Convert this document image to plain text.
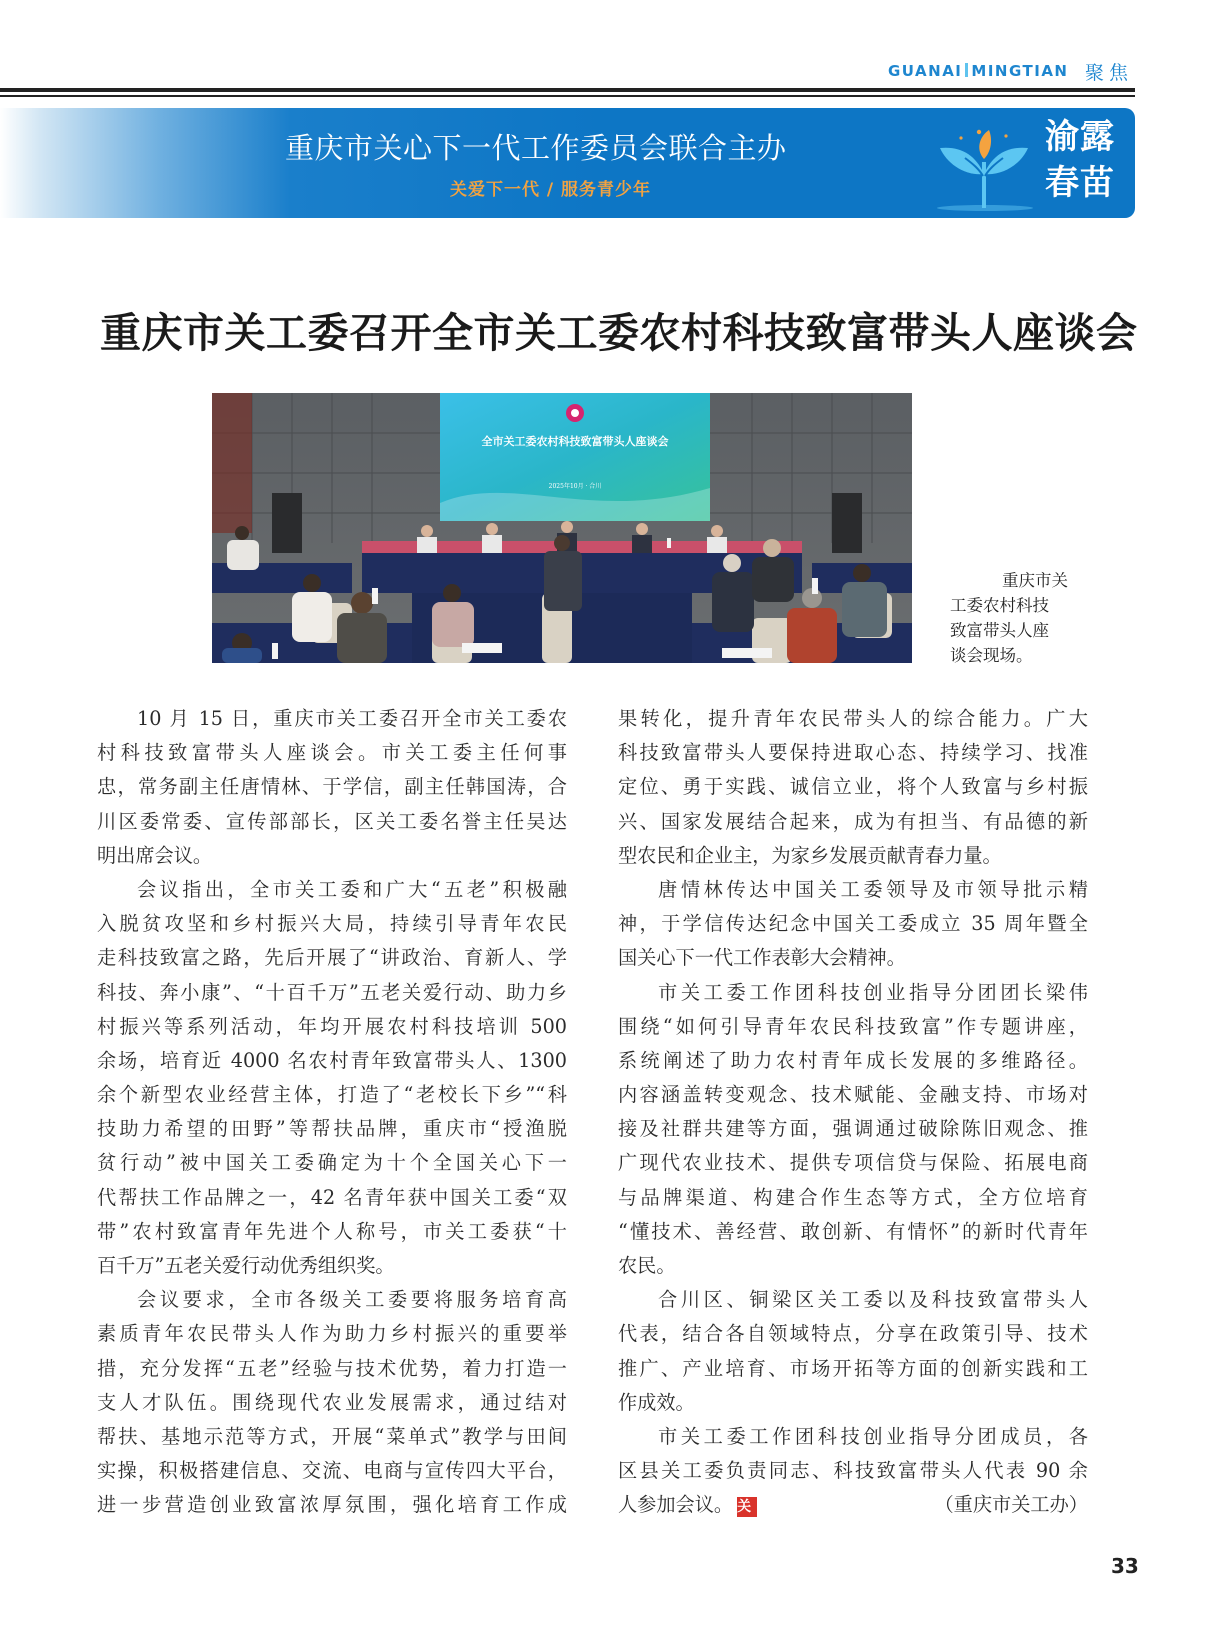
GUANAI MINGTIAN 聚焦
重庆市关心下一代工作委员会联合主办
关爱下一代 / 服务青少年
渝露
春苗
重庆市关工委召开全市关工委农村科技致富带头人座谈会
全市关工委农村科技致富带头人座谈会
2025年10月 · 合川
重庆市关
工委农村科技
致富带头人座
谈会现场。
10 月 15 日，重庆市关工委召开全市关工委农
村科技致富带头人座谈会。市关工委主任何事
忠，常务副主任唐情林、于学信，副主任韩国涛，合
川区委常委、宣传部部长，区关工委名誉主任吴达
明出席会议。
会议指出，全市关工委和广大“五老”积极融
入脱贫攻坚和乡村振兴大局，持续引导青年农民
走科技致富之路，先后开展了“讲政治、育新人、学
科技、奔小康”、“十百千万”五老关爱行动、助力乡
村振兴等系列活动，年均开展农村科技培训 500
余场，培育近 4000 名农村青年致富带头人、1300
余个新型农业经营主体，打造了“老校长下乡”“科
技助力希望的田野”等帮扶品牌，重庆市“授渔脱
贫行动”被中国关工委确定为十个全国关心下一
代帮扶工作品牌之一，42 名青年获中国关工委“双
带”农村致富青年先进个人称号，市关工委获“十
百千万”五老关爱行动优秀组织奖。
会议要求，全市各级关工委要将服务培育高
素质青年农民带头人作为助力乡村振兴的重要举
措，充分发挥“五老”经验与技术优势，着力打造一
支人才队伍。围绕现代农业发展需求，通过结对
帮扶、基地示范等方式，开展“菜单式”教学与田间
实操，积极搭建信息、交流、电商与宣传四大平台，
进一步营造创业致富浓厚氛围，强化培育工作成
果转化，提升青年农民带头人的综合能力。广大
科技致富带头人要保持进取心态、持续学习、找准
定位、勇于实践、诚信立业，将个人致富与乡村振
兴、国家发展结合起来，成为有担当、有品德的新
型农民和企业主，为家乡发展贡献青春力量。
唐情林传达中国关工委领导及市领导批示精
神，于学信传达纪念中国关工委成立 35 周年暨全
国关心下一代工作表彰大会精神。
市关工委工作团科技创业指导分团团长梁伟
围绕“如何引导青年农民科技致富”作专题讲座，
系统阐述了助力农村青年成长发展的多维路径。
内容涵盖转变观念、技术赋能、金融支持、市场对
接及社群共建等方面，强调通过破除陈旧观念、推
广现代农业技术、提供专项信贷与保险、拓展电商
与品牌渠道、构建合作生态等方式，全方位培育
“懂技术、善经营、敢创新、有情怀”的新时代青年
农民。
合川区、铜梁区关工委以及科技致富带头人
代表，结合各自领域特点，分享在政策引导、技术
推广、产业培育、市场开拓等方面的创新实践和工
作成效。
市关工委工作团科技创业指导分团成员，各
区县关工委负责同志、科技致富带头人代表 90 余
人参加会议。 关	（重庆市关工办）
33
